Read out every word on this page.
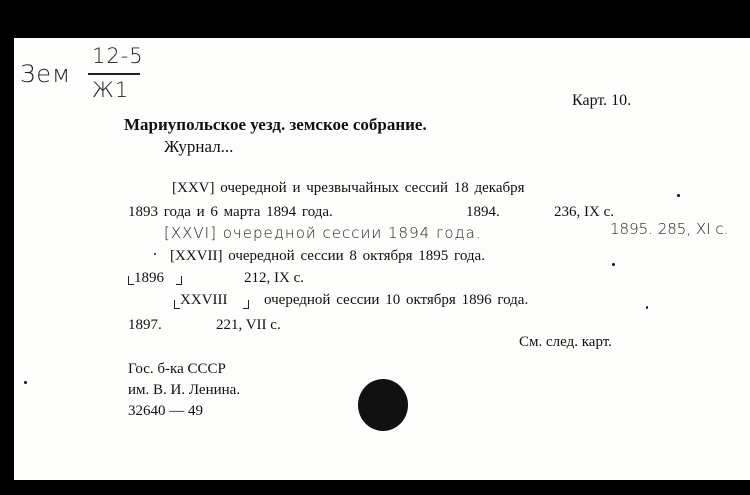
Зем
12-5
Ж1	Карт. 10.
Мариупольское уезд. земское собрание.
Журнал...
[XXV] очередной и чрезвычайных сессий 18 декабря
1893 года и 6 марта 1894 года.	1894.	236, IX с.
[XXVI] очередной сессии 1894 года.	1895. 285, XI с.
[XXVII] очередной сессии 8 октября 1895 года.
1896	212, IX с.
XXVIII очередной сессии 10 октября 1896 года.
1897.	221, VII с.
См. след. карт.
Гос. б-ка СССР
им. В. И. Ленина.
32640 — 49
